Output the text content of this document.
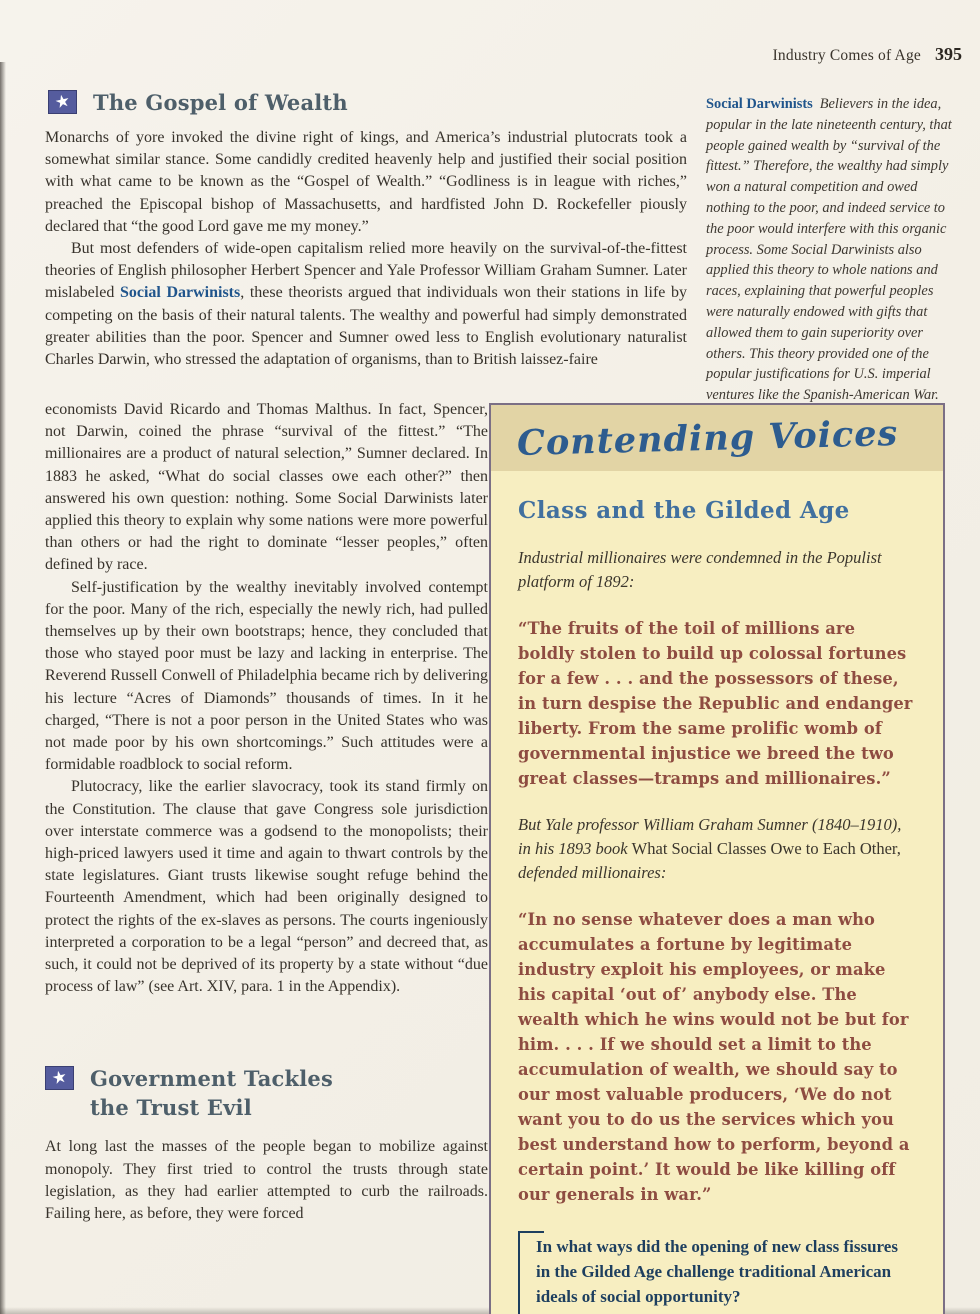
Industry Comes of Age 395
★ The Gospel of Wealth

Monarchs of yore invoked the divine right of kings, and America’s industrial plutocrats took a somewhat similar stance. Some candidly credited heavenly help and justified their social position with what came to be known as the “Gospel of Wealth.” “Godliness is in league with riches,” preached the Episcopal bishop of Massachusetts, and hardfisted John D. Rockefeller piously declared that “the good Lord gave me my money.”

But most defenders of wide-open capitalism relied more heavily on the survival-of-the-fittest theories of English philosopher Herbert Spencer and Yale Professor William Graham Sumner. Later mislabeled Social Darwinists, these theorists argued that individuals won their stations in life by competing on the basis of their natural talents. The wealthy and powerful had simply demonstrated greater abilities than the poor. Spencer and Sumner owed less to English evolutionary naturalist Charles Darwin, who stressed the adaptation of organisms, than to British laissez-faire

Social Darwinists Believers in the idea, popular in the late nineteenth century, that people gained wealth by “survival of the fittest.” Therefore, the wealthy had simply won a natural competition and owed nothing to the poor, and indeed service to the poor would interfere with this organic process. Some Social Darwinists also applied this theory to whole nations and races, explaining that powerful peoples were naturally endowed with gifts that allowed them to gain superiority over others. This theory provided one of the popular justifications for U.S. imperial ventures like the Spanish-American War.

economists David Ricardo and Thomas Malthus. In fact, Spencer, not Darwin, coined the phrase “survival of the fittest.” “The millionaires are a product of natural selection,” Sumner declared. In 1883 he asked, “What do social classes owe each other?” then answered his own question: nothing. Some Social Darwinists later applied this theory to explain why some nations were more powerful than others or had the right to dominate “lesser peoples,” often defined by race.

Self-justification by the wealthy inevitably involved contempt for the poor. Many of the rich, especially the newly rich, had pulled themselves up by their own bootstraps; hence, they concluded that those who stayed poor must be lazy and lacking in enterprise. The Reverend Russell Conwell of Philadelphia became rich by delivering his lecture “Acres of Diamonds” thousands of times. In it he charged, “There is not a poor person in the United States who was not made poor by his own shortcomings.” Such attitudes were a formidable roadblock to social reform.

Plutocracy, like the earlier slavocracy, took its stand firmly on the Constitution. The clause that gave Congress sole jurisdiction over interstate commerce was a godsend to the monopolists; their high-priced lawyers used it time and again to thwart controls by the state legislatures. Giant trusts likewise sought refuge behind the Fourteenth Amendment, which had been originally designed to protect the rights of the ex-slaves as persons. The courts ingeniously interpreted a corporation to be a legal “person” and decreed that, as such, it could not be deprived of its property by a state without “due process of law” (see Art. XIV, para. 1 in the Appendix).

★ Government Tackles
the Trust Evil

At long last the masses of the people began to mobilize against monopoly. They first tried to control the trusts through state legislation, as they had earlier attempted to curb the railroads. Failing here, as before, they were forced

Contending Voices
Class and the Gilded Age

Industrial millionaires were condemned in the Populist platform of 1892:

“The fruits of the toil of millions are boldly stolen to build up colossal fortunes for a few . . . and the possessors of these, in turn despise the Republic and endanger liberty. From the same prolific womb of governmental injustice we breed the two great classes—tramps and millionaires.”

But Yale professor William Graham Sumner (1840–1910), in his 1893 book What Social Classes Owe to Each Other, defended millionaires:

“In no sense whatever does a man who accumulates a fortune by legitimate industry exploit his employees, or make his capital ‘out of’ anybody else. The wealth which he wins would not be but for him. . . . If we should set a limit to the accumulation of wealth, we should say to our most valuable producers, ‘We do not want you to do us the services which you best understand how to perform, beyond a certain point.’ It would be like killing off our generals in war.”

In what ways did the opening of new class fissures in the Gilded Age challenge traditional American ideals of social opportunity?
